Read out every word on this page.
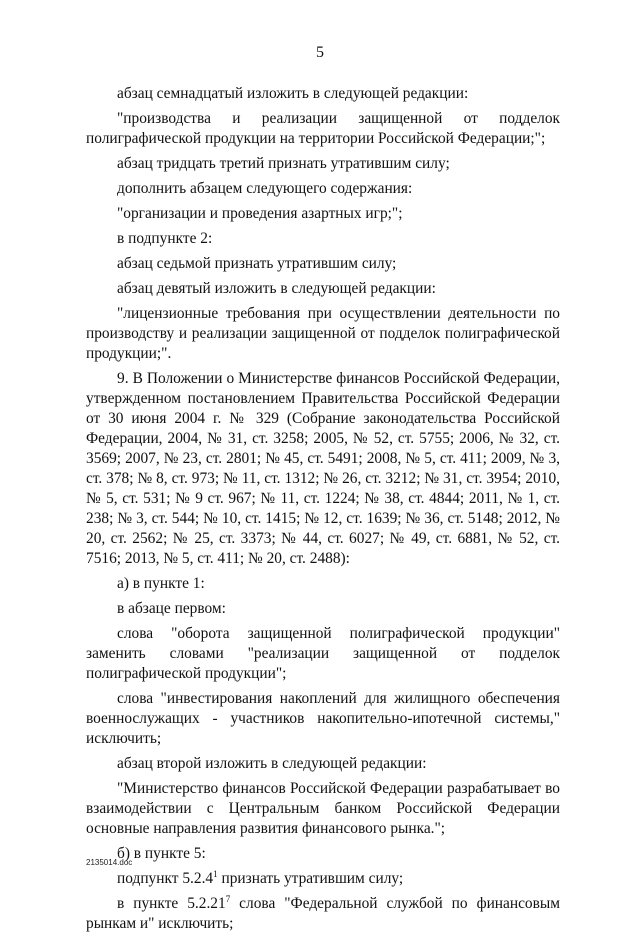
5

абзац семнадцатый изложить в следующей редакции:

"производства и реализации защищенной от подделок полиграфической продукции на территории Российской Федерации;";

абзац тридцать третий признать утратившим силу;

дополнить абзацем следующего содержания:

"организации и проведения азартных игр;";

в подпункте 2:

абзац седьмой признать утратившим силу;

абзац девятый изложить в следующей редакции:

"лицензионные требования при осуществлении деятельности по производству и реализации защищенной от подделок полиграфической продукции;".

9. В Положении о Министерстве финансов Российской Федерации, утвержденном постановлением Правительства Российской Федерации от 30 июня 2004 г. № 329 (Собрание законодательства Российской Федерации, 2004, № 31, ст. 3258; 2005, № 52, ст. 5755; 2006, № 32, ст. 3569; 2007, № 23, ст. 2801; № 45, ст. 5491; 2008, № 5, ст. 411; 2009, № 3, ст. 378; № 8, ст. 973; № 11, ст. 1312; № 26, ст. 3212; № 31, ст. 3954; 2010, № 5, ст. 531; № 9 ст. 967; № 11, ст. 1224; № 38, ст. 4844; 2011, № 1, ст. 238; № 3, ст. 544; № 10, ст. 1415; № 12, ст. 1639; № 36, ст. 5148; 2012, № 20, ст. 2562; № 25, ст. 3373; № 44, ст. 6027; № 49, ст. 6881, № 52, ст. 7516; 2013, № 5, ст. 411; № 20, ст. 2488):

а) в пункте 1:

в абзаце первом:

слова "оборота защищенной полиграфической продукции" заменить словами "реализации защищенной от подделок полиграфической продукции";

слова "инвестирования накоплений для жилищного обеспечения военнослужащих - участников накопительно-ипотечной системы," исключить;

абзац второй изложить в следующей редакции:

"Министерство финансов Российской Федерации разрабатывает во взаимодействии с Центральным банком Российской Федерации основные направления развития финансового рынка.";

б) в пункте 5:

подпункт 5.2.4$^1$ признать утратившим силу;

в пункте 5.2.21$^7$ слова "Федеральной службой по финансовым рынкам и" исключить;

2135014.doc
